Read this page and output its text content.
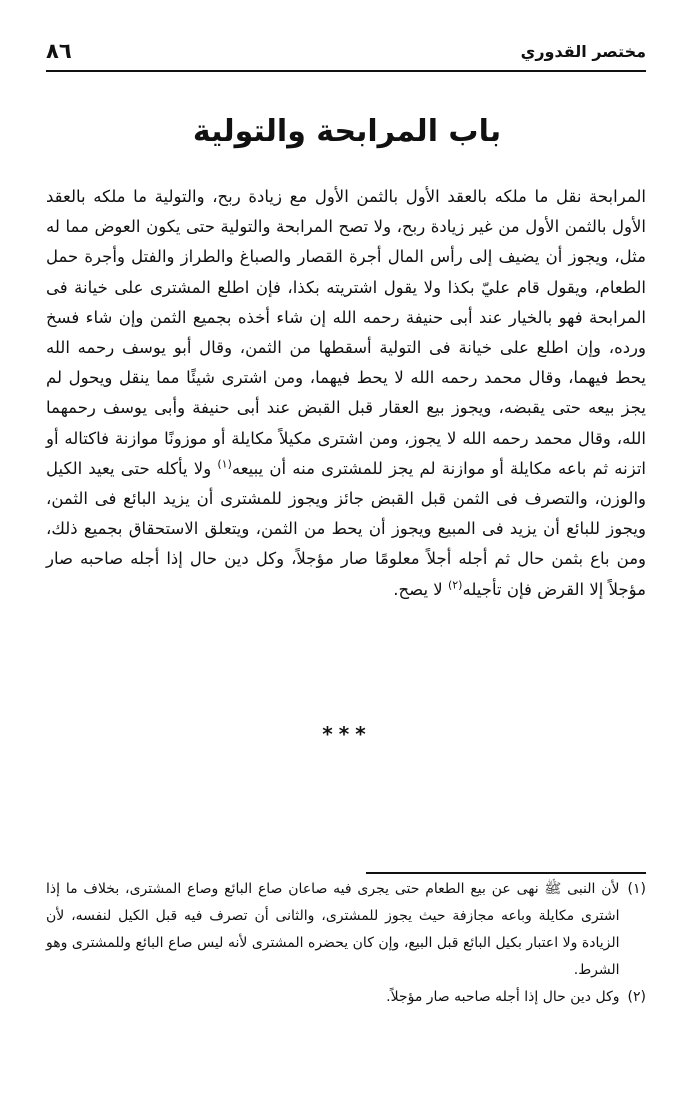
مختصر القدوري
٨٦
باب المرابحة والتولية

المرابحة نقل ما ملكه بالعقد الأول بالثمن الأول مع زيادة ربح، والتولية ما ملكه بالعقد الأول بالثمن الأول من غير زيادة ربح، ولا تصح المرابحة والتولية حتى يكون العوض مما له مثل، ويجوز أن يضيف إلى رأس المال أجرة القصار والصباغ والطراز والفتل وأجرة حمل الطعام، ويقول قام عليّ بكذا ولا يقول اشتريته بكذا، فإن اطلع المشترى على خيانة فى المرابحة فهو بالخيار عند أبى حنيفة رحمه الله إن شاء أخذه بجميع الثمن وإن شاء فسخ ورده، وإن اطلع على خيانة فى التولية أسقطها من الثمن، وقال أبو يوسف رحمه الله يحط فيهما، وقال محمد رحمه الله لا يحط فيهما، ومن اشترى شيئًا مما ينقل ويحول لم يجز بيعه حتى يقبضه، ويجوز بيع العقار قبل القبض عند أبى حنيفة وأبى يوسف رحمهما الله، وقال محمد رحمه الله لا يجوز، ومن اشترى مكيلاً مكايلة أو موزونًا موازنة فاكتاله أو اتزنه ثم باعه مكايلة أو موازنة لم يجز للمشترى منه أن يبيعه$^{(١)}$ ولا يأكله حتى يعيد الكيل والوزن، والتصرف فى الثمن قبل القبض جائز ويجوز للمشترى أن يزيد البائع فى الثمن، ويجوز للبائع أن يزيد فى المبيع ويجوز أن يحط من الثمن، ويتعلق الاستحقاق بجميع ذلك، ومن باع بثمن حال ثم أجله أجلاً معلومًا صار مؤجلاً، وكل دين حال إذا أجله صاحبه صار مؤجلاً إلا القرض فإن تأجيله$^{(٢)}$ لا يصح.

***
(١)
لأن النبى ﷺ نهى عن بيع الطعام حتى يجرى فيه صاعان صاع البائع وصاع المشترى، بخلاف ما إذا اشترى مكايلة وباعه مجازفة حيث يجوز للمشترى، والثانى أن تصرف فيه قبل الكيل لنفسه، لأن الزيادة ولا اعتبار بكيل البائع قبل البيع، وإن كان يحضره المشترى لأنه ليس صاع البائع وللمشترى وهو الشرط.
(٢)
وكل دين حال إذا أجله صاحبه صار مؤجلاً.
